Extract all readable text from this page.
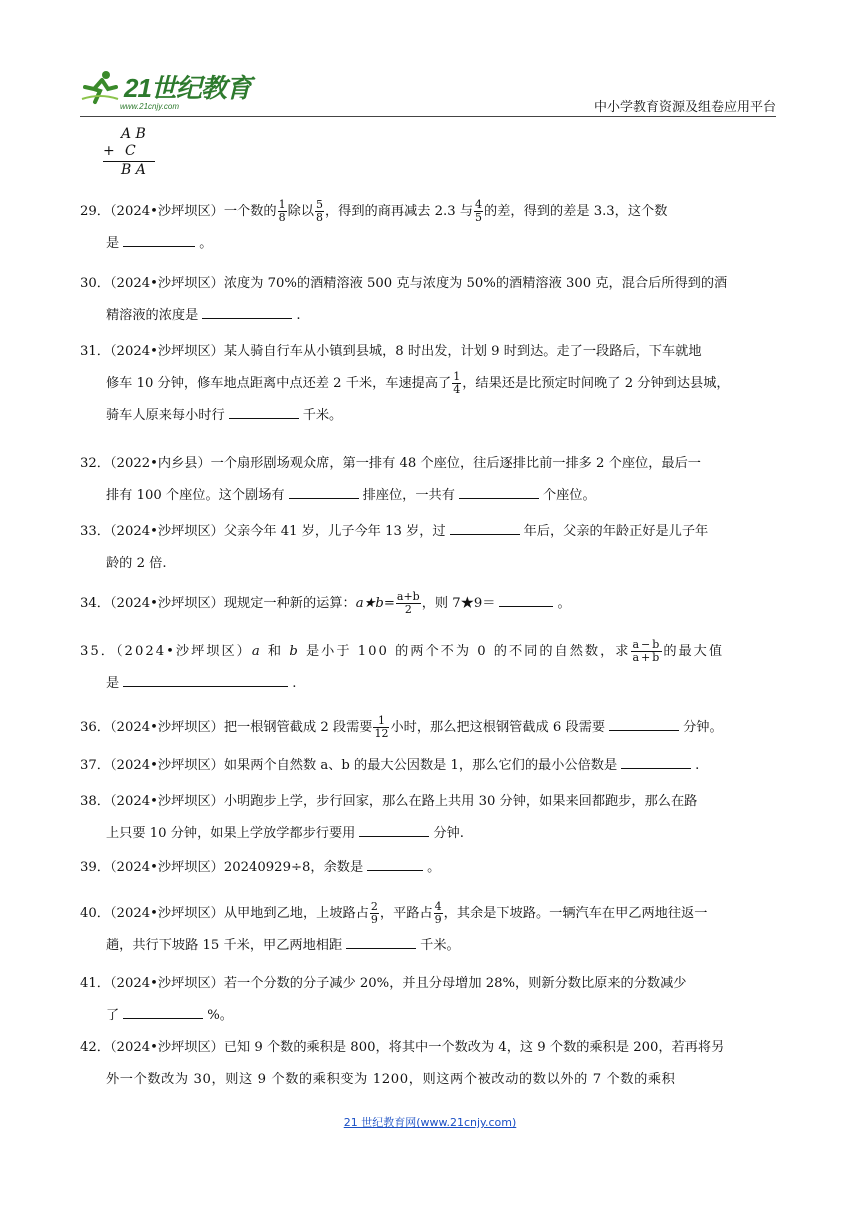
21世纪教育
www.21cnjy.com	中小学教育资源及组卷应用平台
A B
+ C
B A

29．（2024•沙坪坝区）一个数的 $\frac{1}{8}$ 除以 $\frac{5}{8}$ ，得到的商再减去 2.3 与 $\frac{4}{5}$ 的差，得到的差是 3.3，这个数

是	。

30．（2024•沙坪坝区）浓度为 70%的酒精溶液 500 克与浓度为 50%的酒精溶液 300 克，混合后所得到的酒

精溶液的浓度是	.

31．（2024•沙坪坝区）某人骑自行车从小镇到县城，8 时出发，计划 9 时到达。走了一段路后，下车就地

修车 10 分钟，修车地点距离中点还差 2 千米，车速提高了 $\frac{1}{4}$ ，结果还是比预定时间晚了 2 分钟到达县城，

骑车人原来每小时行	千米。

32．（2022•内乡县）一个扇形剧场观众席，第一排有 48 个座位，往后逐排比前一排多 2 个座位，最后一

排有 100 个座位。这个剧场有	排座位，一共有	个座位。

33．（2024•沙坪坝区）父亲今年 41 岁，儿子今年 13 岁，过	年后，父亲的年龄正好是儿子年

龄的 2 倍.

34．（2024•沙坪坝区）现规定一种新的运算：a★b= $\frac{a+b}{2}$ ，则 7★9＝	。

35．（2024•沙坪坝区）a 和 b 是小于 100 的两个不为 0 的不同的自然数，求 $\frac{a-b}{a+b}$ 的最大值

是	.

36．（2024•沙坪坝区）把一根钢管截成 2 段需要 $\frac{1}{12}$ 小时，那么把这根钢管截成 6 段需要	分钟。

37．（2024•沙坪坝区）如果两个自然数 a、b 的最大公因数是 1，那么它们的最小公倍数是	.

38．（2024•沙坪坝区）小明跑步上学，步行回家，那么在路上共用 30 分钟，如果来回都跑步，那么在路

上只要 10 分钟，如果上学放学都步行要用	分钟.

39．（2024•沙坪坝区）20240929÷8，余数是	。

40．（2024•沙坪坝区）从甲地到乙地，上坡路占 $\frac{2}{9}$ ，平路占 $\frac{4}{9}$ ，其余是下坡路。一辆汽车在甲乙两地往返一

趟，共行下坡路 15 千米，甲乙两地相距	千米。

41．（2024•沙坪坝区）若一个分数的分子减少 20%，并且分母增加 28%，则新分数比原来的分数减少

了	%。

42．（2024•沙坪坝区）已知 9 个数的乘积是 800，将其中一个数改为 4，这 9 个数的乘积是 200，若再将另

外一个数改为 30，则这 9 个数的乘积变为 1200，则这两个被改动的数以外的 7 个数的乘积

21 世纪教育网(www.21cnjy.com)
